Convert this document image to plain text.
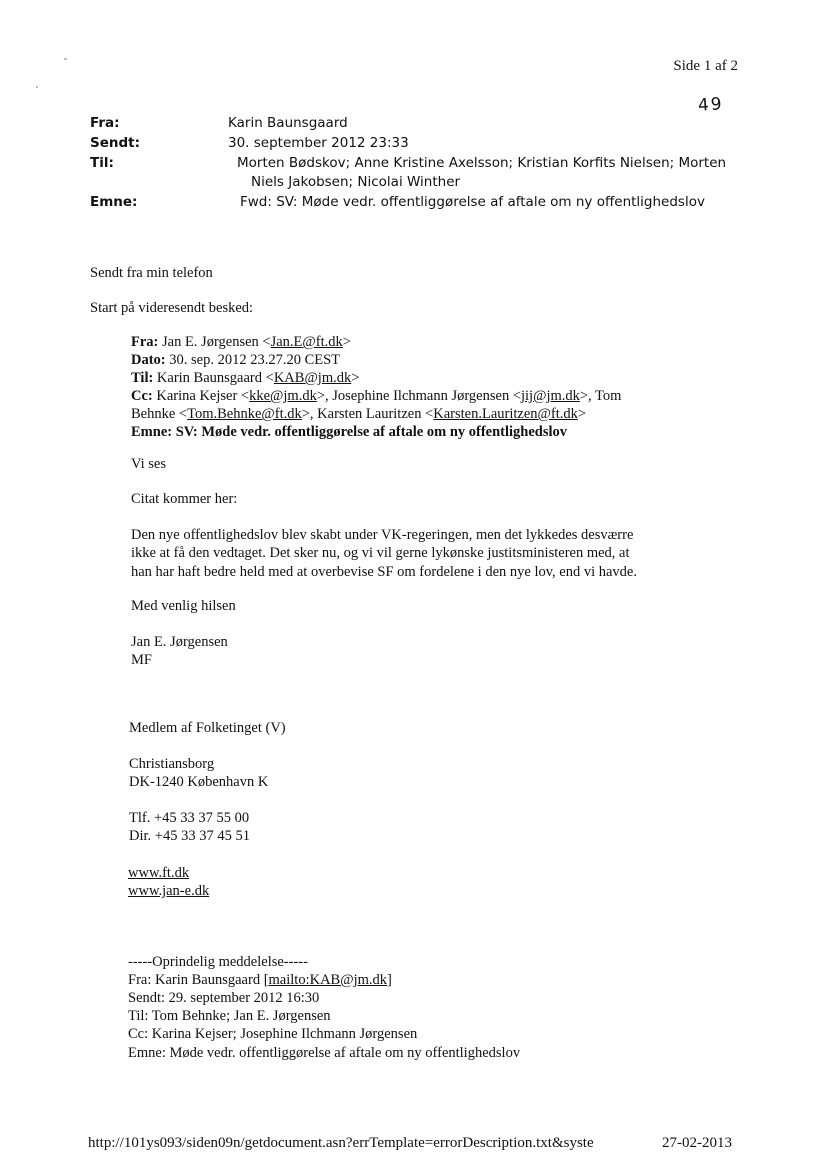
Side 1 af 2
49
Fra:	Karin Baunsgaard
Sendt:	30. september 2012 23:33
Til:	Morten Bødskov; Anne Kristine Axelsson; Kristian Korfits Nielsen; Morten
Niels Jakobsen; Nicolai Winther
Emne:	Fwd: SV: Møde vedr. offentliggørelse af aftale om ny offentlighedslov
Sendt fra min telefon
Start på videresendt besked:
Fra: Jan E. Jørgensen <Jan.E@ft.dk>
Dato: 30. sep. 2012 23.27.20 CEST
Til: Karin Baunsgaard <KAB@jm.dk>
Cc: Karina Kejser <kke@jm.dk>, Josephine Ilchmann Jørgensen <jij@jm.dk>, Tom
Behnke <Tom.Behnke@ft.dk>, Karsten Lauritzen <Karsten.Lauritzen@ft.dk>
Emne: SV: Møde vedr. offentliggørelse af aftale om ny offentlighedslov
Vi ses
Citat kommer her:
Den nye offentlighedslov blev skabt under VK-regeringen, men det lykkedes desværre
ikke at få den vedtaget. Det sker nu, og vi vil gerne lykønske justitsministeren med, at
han har haft bedre held med at overbevise SF om fordelene i den nye lov, end vi havde.
Med venlig hilsen
Jan E. Jørgensen
MF
Medlem af Folketinget (V)
Christiansborg
DK-1240 København K
Tlf. +45 33 37 55 00
Dir. +45 33 37 45 51
www.ft.dk
www.jan-e.dk
-----Oprindelig meddelelse-----
Fra: Karin Baunsgaard [mailto:KAB@jm.dk]
Sendt: 29. september 2012 16:30
Til: Tom Behnke; Jan E. Jørgensen
Cc: Karina Kejser; Josephine Ilchmann Jørgensen
Emne: Møde vedr. offentliggørelse af aftale om ny offentlighedslov
http://101ys093/siden09n/getdocument.asn?errTemplate=errorDescription.txt&syste	27-02-2013
